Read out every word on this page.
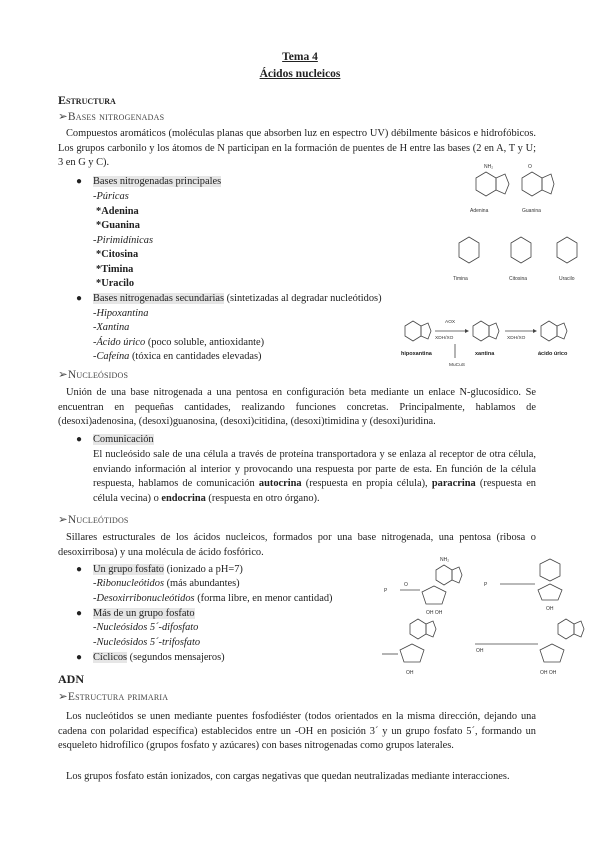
Tema 4
Ácidos nucleicos
Estructura
➢Bases nitrogenadas
Compuestos aromáticos (moléculas planas que absorben luz en espectro UV) débilmente básicos e hidrofóbicos. Los grupos carbonilo y los átomos de N participan en la formación de puentes de H entre las bases (2 en A, T y U; 3 en G y C).
● Bases nitrogenadas principales
-Púricas
*Adenina
*Guanina
-Pirimidínicas
*Citosina
*Timina
*Uracilo
● Bases nitrogenadas secundarias (sintetizadas al degradar nucleótidos)
-Hipoxantina
-Xantina
-Ácido úrico (poco soluble, antioxidante)
-Cafeína (tóxica en cantidades elevadas)
➢Nucleósidos
Unión de una base nitrogenada a una pentosa en configuración beta mediante un enlace N-glucosídico. Se encuentran en pequeñas cantidades, realizando funciones concretas. Principalmente, hablamos de (desoxi)adenosina, (desoxi)guanosina, (desoxi)citidina, (desoxi)timidina y (desoxi)uridina.
● Comunicación
El nucleósido sale de una célula a través de proteína transportadora y se enlaza al receptor de otra célula, enviando información al interior y provocando una respuesta por parte de esta. En función de la célula respuesta, hablamos de comunicación autocrina (respuesta en propia célula), paracrina (respuesta en célula vecina) o endocrina (respuesta en otro órgano).
➢Nucleótidos
Sillares estructurales de los ácidos nucleicos, formados por una base nitrogenada, una pentosa (ribosa o desoxirribosa) y una molécula de ácido fosfórico.
● Un grupo fosfato (ionizado a pH=7)
-Ribonucleótidos (más abundantes)
-Desoxirribonucleótidos (forma libre, en menor cantidad)
● Más de un grupo fosfato
-Nucleósidos 5´-difosfato
-Nucleósidos 5´-trifosfato
● Cíclicos (segundos mensajeros)
ADN
➢Estructura primaria
Los nucleótidos se unen mediante puentes fosfodiéster (todos orientados en la misma dirección, dejando una cadena con polaridad específica) establecidos entre un -OH en posición 3´ y un grupo fosfato 5´, formando un esqueleto hidrofílico (grupos fosfato y azúcares) con bases nitrogenadas como grupos laterales.
Los grupos fosfato están ionizados, con cargas negativas que quedan neutralizadas mediante interacciones.
NH₂	O
Adenina	Guanina
Timina	Citosina	Uracilo
AOX
XDH/XO	XDH/XO
MuCuS
hipoxantina	xantina	ácido úrico
P
O
NH₂
OH OH
P
OH
OH
OH
OH OH
